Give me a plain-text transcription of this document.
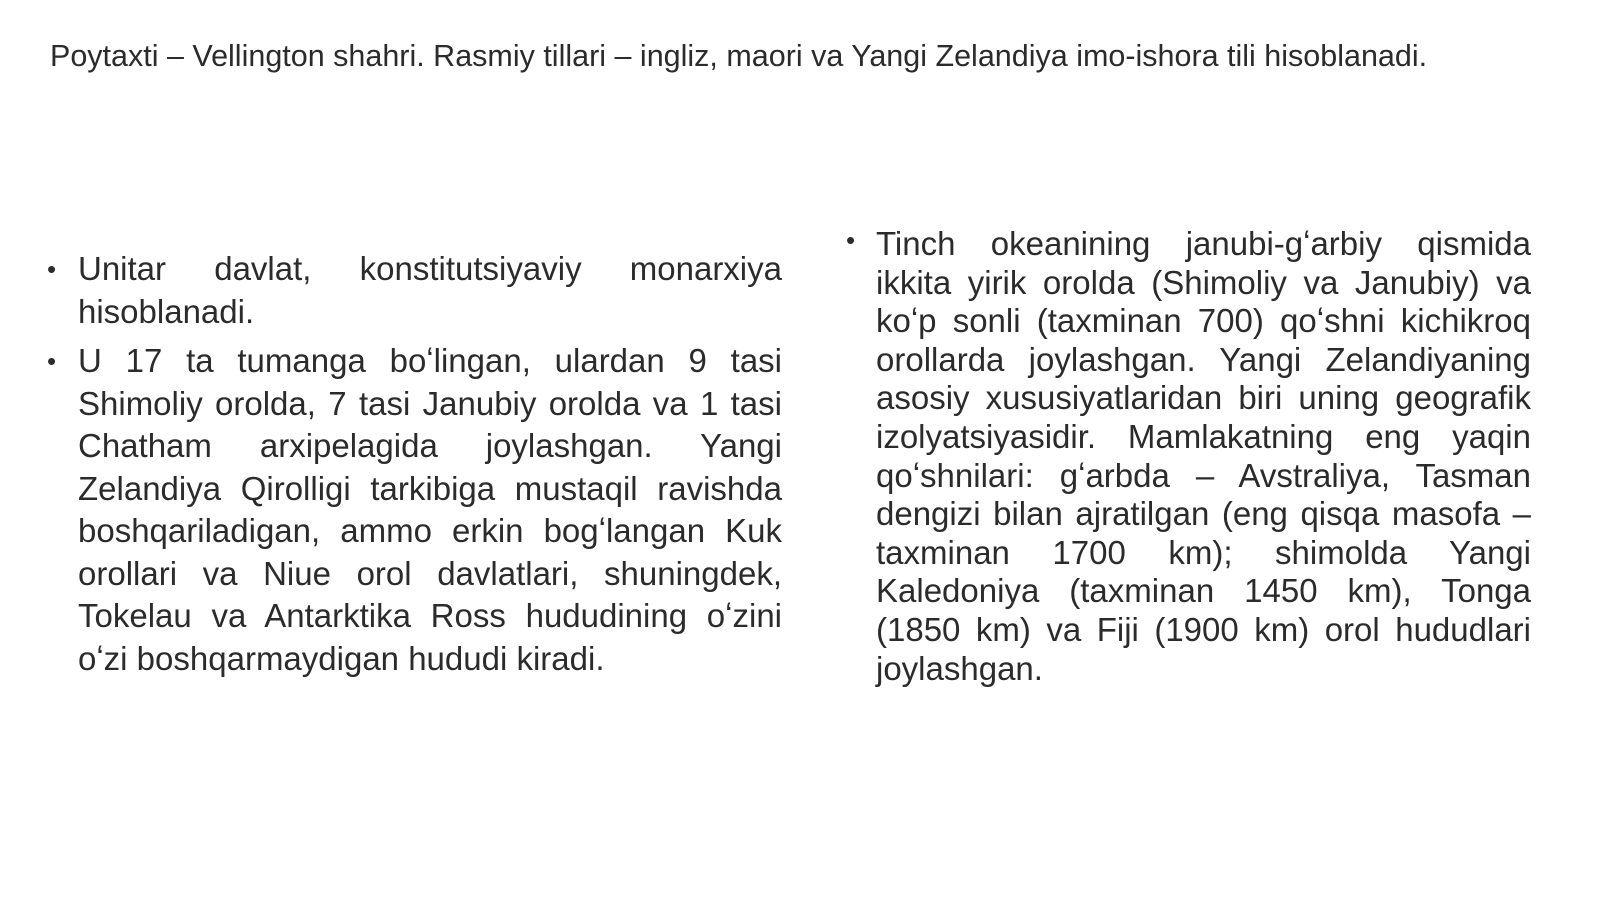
Poytaxti – Vellington shahri. Rasmiy tillari – ingliz, maori va Yangi Zelandiya imo-ishora tili hisoblanadi.
• Unitar davlat, konstitutsiyaviy monarxiya hisoblanadi.
• U 17 ta tumanga boʻlingan, ulardan 9 tasi Shimoliy orolda, 7 tasi Janubiy orolda va 1 tasi Chatham arxipelagida joylashgan. Yangi Zelandiya Qirolligi tarkibiga mustaqil ravishda boshqariladigan, ammo erkin bogʻlangan Kuk orollari va Niue orol davlatlari, shuningdek, Tokelau va Antarktika Ross hududining oʻzini oʻzi boshqarmaydigan hududi kiradi.
• Tinch okeanining janubi-gʻarbiy qismida ikkita yirik orolda (Shimoliy va Janubiy) va koʻp sonli (taxminan 700) qoʻshni kichikroq orollarda joylashgan. Yangi Zelandiyaning asosiy xususiyatlaridan biri uning geografik izolyatsiyasidir. Mamlakatning eng yaqin qoʻshnilari: gʻarbda – Avstraliya, Tasman dengizi bilan ajratilgan (eng qisqa masofa – taxminan 1700 km); shimolda Yangi Kaledoniya (taxminan 1450 km), Tonga (1850 km) va Fiji (1900 km) orol hududlari joylashgan.
